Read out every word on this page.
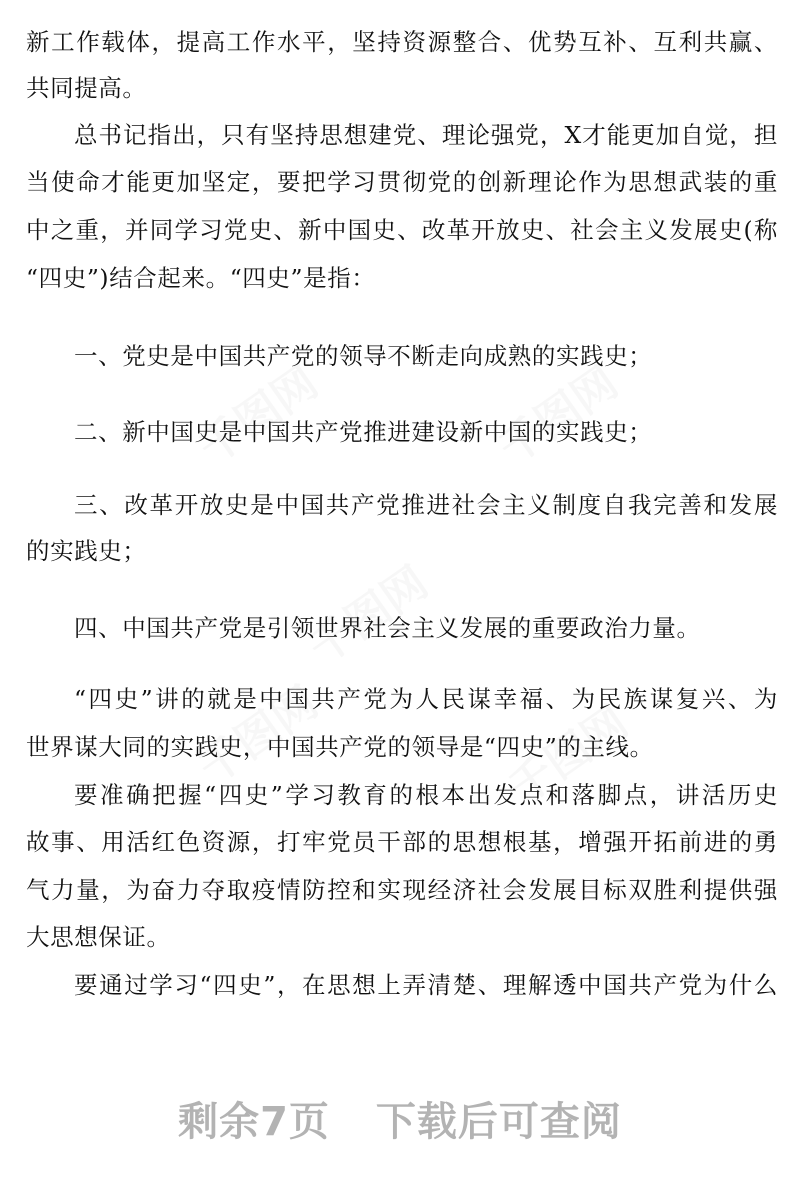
千图网	千图网
千图网
千图网	千图网
新工作载体，提高工作水平，坚持资源整合、优势互补、互利共赢、
共同提高。
总书记指出，只有坚持思想建党、理论强党，X才能更加自觉，担
当使命才能更加坚定，要把学习贯彻党的创新理论作为思想武装的重
中之重，并同学习党史、新中国史、改革开放史、社会主义发展史(称
“四史”)结合起来。“四史”是指：
一、党史是中国共产党的领导不断走向成熟的实践史；
二、新中国史是中国共产党推进建设新中国的实践史；
三、改革开放史是中国共产党推进社会主义制度自我完善和发展
的实践史；
四、中国共产党是引领世界社会主义发展的重要政治力量。
“四史”讲的就是中国共产党为人民谋幸福、为民族谋复兴、为
世界谋大同的实践史，中国共产党的领导是“四史”的主线。
要准确把握“四史”学习教育的根本出发点和落脚点，讲活历史
故事、用活红色资源，打牢党员干部的思想根基，增强开拓前进的勇
气力量，为奋力夺取疫情防控和实现经济社会发展目标双胜利提供强
大思想保证。
要通过学习“四史”，在思想上弄清楚、理解透中国共产党为什么
剩余7页 下载后可查阅
